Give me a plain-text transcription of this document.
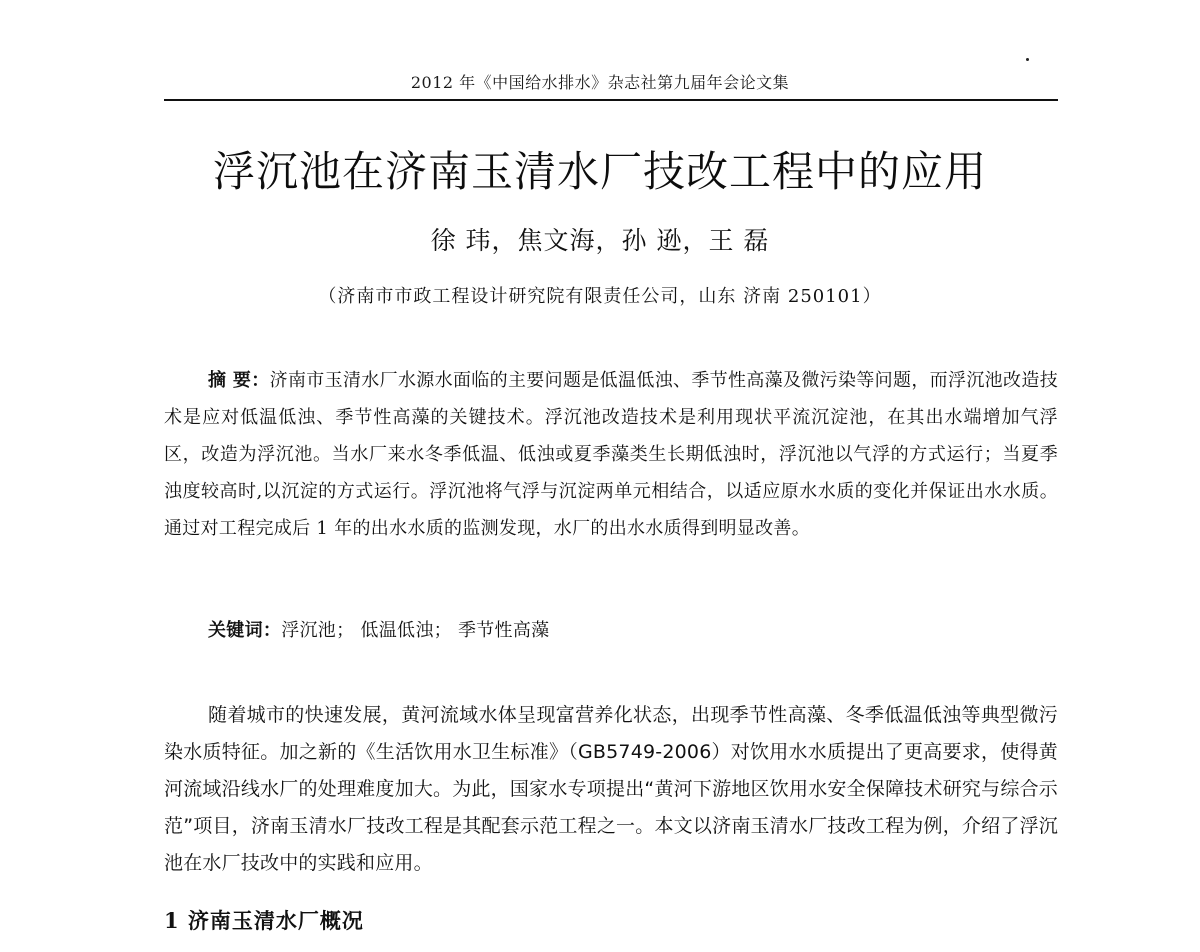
2012 年《中国给水排水》杂志社第九届年会论文集
浮沉池在济南玉清水厂技改工程中的应用
徐 玮，焦文海，孙 逊，王 磊
（济南市市政工程设计研究院有限责任公司，山东 济南 250101）

摘 要：济南市玉清水厂水源水面临的主要问题是低温低浊、季节性高藻及微污染等问题，而浮沉池改造技术是应对低温低浊、季节性高藻的关键技术。浮沉池改造技术是利用现状平流沉淀池，在其出水端增加气浮区，改造为浮沉池。当水厂来水冬季低温、低浊或夏季藻类生长期低浊时，浮沉池以气浮的方式运行；当夏季浊度较高时,以沉淀的方式运行。浮沉池将气浮与沉淀两单元相结合，以适应原水水质的变化并保证出水水质。通过对工程完成后 1 年的出水水质的监测发现，水厂的出水水质得到明显改善。

关键词：浮沉池； 低温低浊； 季节性高藻

随着城市的快速发展，黄河流域水体呈现富营养化状态，出现季节性高藻、冬季低温低浊等典型微污染水质特征。加之新的《生活饮用水卫生标准》（GB5749-2006）对饮用水水质提出了更高要求，使得黄河流域沿线水厂的处理难度加大。为此，国家水专项提出“黄河下游地区饮用水安全保障技术研究与综合示范”项目，济南玉清水厂技改工程是其配套示范工程之一。本文以济南玉清水厂技改工程为例，介绍了浮沉池在水厂技改中的实践和应用。

1 济南玉清水厂概况
